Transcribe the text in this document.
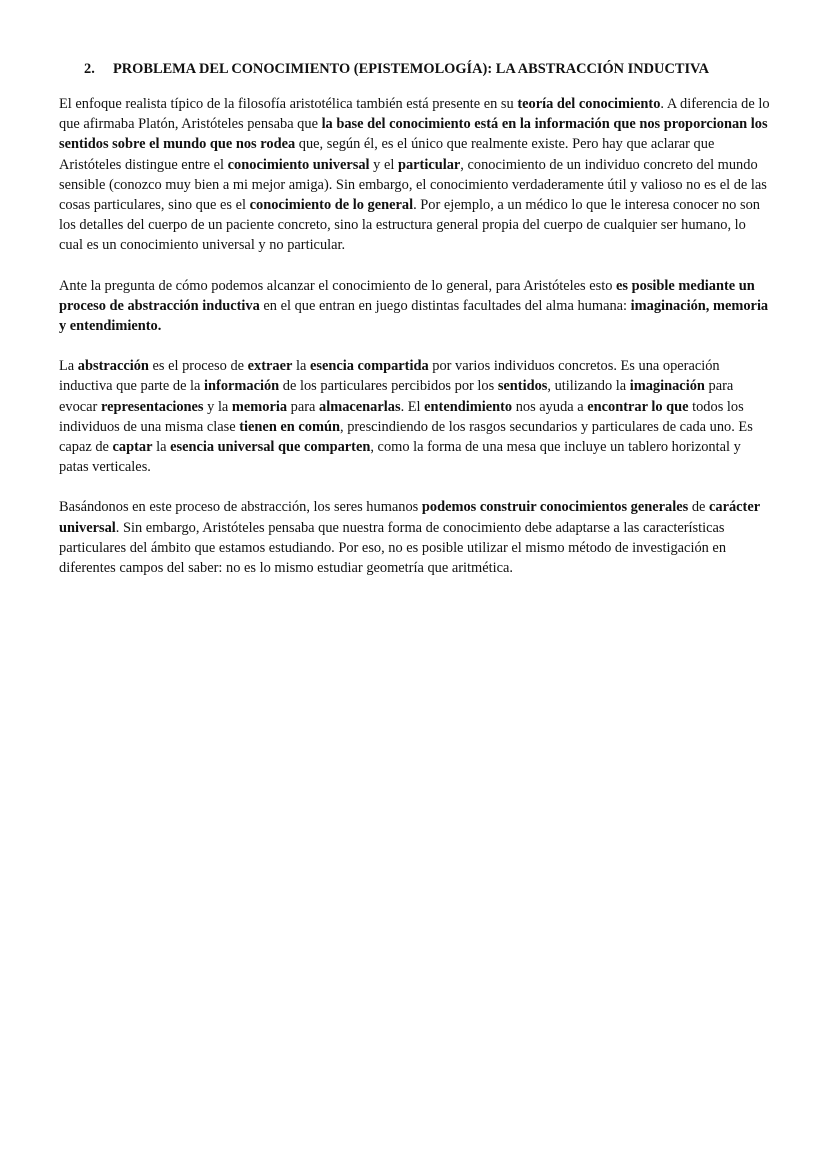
2. PROBLEMA DEL CONOCIMIENTO (EPISTEMOLOGÍA): LA ABSTRACCIÓN INDUCTIVA

El enfoque realista típico de la filosofía aristotélica también está presente en su teoría del conocimiento. A diferencia de lo que afirmaba Platón, Aristóteles pensaba que la base del conocimiento está en la información que nos proporcionan los sentidos sobre el mundo que nos rodea que, según él, es el único que realmente existe. Pero hay que aclarar que Aristóteles distingue entre el conocimiento universal y el particular, conocimiento de un individuo concreto del mundo sensible (conozco muy bien a mi mejor amiga). Sin embargo, el conocimiento verdaderamente útil y valioso no es el de las cosas particulares, sino que es el conocimiento de lo general. Por ejemplo, a un médico lo que le interesa conocer no son los detalles del cuerpo de un paciente concreto, sino la estructura general propia del cuerpo de cualquier ser humano, lo cual es un conocimiento universal y no particular.

Ante la pregunta de cómo podemos alcanzar el conocimiento de lo general, para Aristóteles esto es posible mediante un proceso de abstracción inductiva en el que entran en juego distintas facultades del alma humana: imaginación, memoria y entendimiento.

La abstracción es el proceso de extraer la esencia compartida por varios individuos concretos. Es una operación inductiva que parte de la información de los particulares percibidos por los sentidos, utilizando la imaginación para evocar representaciones y la memoria para almacenarlas. El entendimiento nos ayuda a encontrar lo que todos los individuos de una misma clase tienen en común, prescindiendo de los rasgos secundarios y particulares de cada uno. Es capaz de captar la esencia universal que comparten, como la forma de una mesa que incluye un tablero horizontal y patas verticales.

Basándonos en este proceso de abstracción, los seres humanos podemos construir conocimientos generales de carácter universal. Sin embargo, Aristóteles pensaba que nuestra forma de conocimiento debe adaptarse a las características particulares del ámbito que estamos estudiando. Por eso, no es posible utilizar el mismo método de investigación en diferentes campos del saber: no es lo mismo estudiar geometría que aritmética.
